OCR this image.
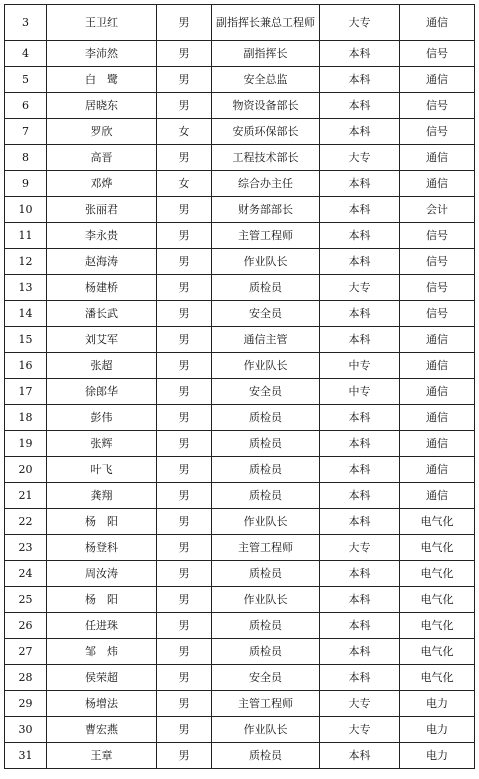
3	王卫红	男	副指挥长兼总工程师	大专	通信
4	李沛然	男	副指挥长	本科	信号
5	白　鹭	男	安全总监	本科	通信
6	居晓东	男	物资设备部长	本科	信号
7	罗欣	女	安质环保部长	本科	信号
8	高晋	男	工程技术部长	大专	通信
9	邓烨	女	综合办主任	本科	通信
10	张丽君	男	财务部部长	本科	会计
11	李永贵	男	主管工程师	本科	信号
12	赵海涛	男	作业队长	本科	信号
13	杨建桥	男	质检员	大专	信号
14	潘长武	男	安全员	本科	信号
15	刘艾军	男	通信主管	本科	通信
16	张超	男	作业队长	中专	通信
17	徐郎华	男	安全员	中专	通信
18	彭伟	男	质检员	本科	通信
19	张辉	男	质检员	本科	通信
20	叶飞	男	质检员	本科	通信
21	龚翔	男	质检员	本科	通信
22	杨　阳	男	作业队长	本科	电气化
23	杨登科	男	主管工程师	大专	电气化
24	周汝涛	男	质检员	本科	电气化
25	杨　阳	男	作业队长	本科	电气化
26	任进珠	男	质检员	本科	电气化
27	邹　炜	男	质检员	本科	电气化
28	侯荣超	男	安全员	本科	电气化
29	杨增法	男	主管工程师	大专	电力
30	曹宏燕	男	作业队长	大专	电力
31	王章	男	质检员	本科	电力
